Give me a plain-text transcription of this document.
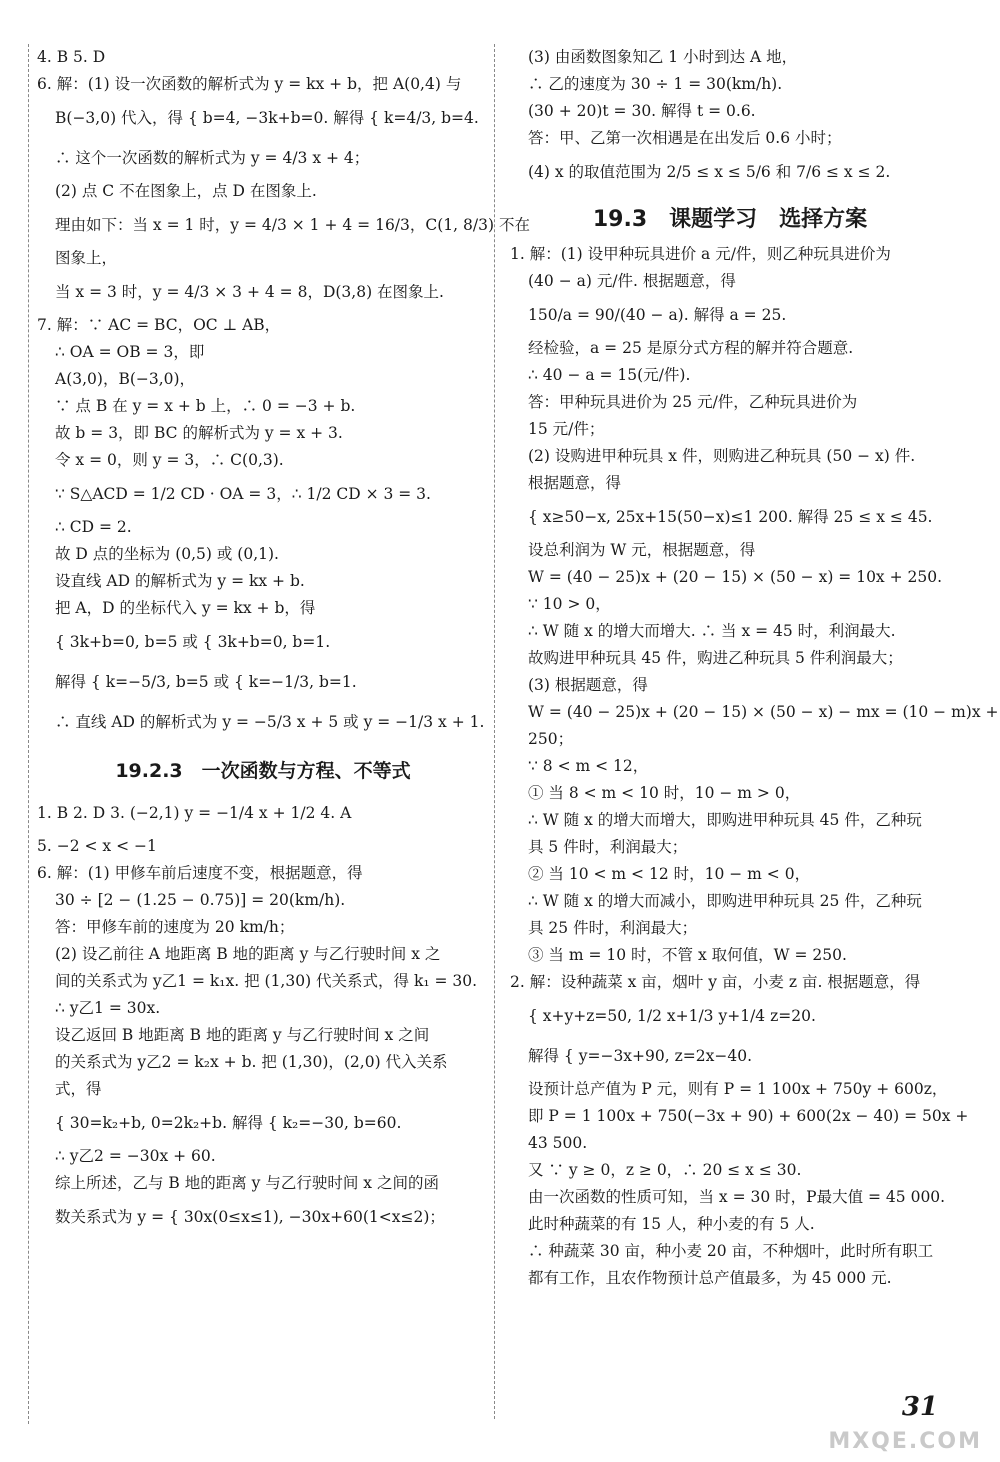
4. B 5. D
6. 解：(1) 设一次函数的解析式为 y = kx + b，把 A(0,4) 与
B(−3,0) 代入，得 { b=4, −3k+b=0. 解得 { k=4/3, b=4.
∴ 这个一次函数的解析式为 y = 4/3 x + 4；
(2) 点 C 不在图象上，点 D 在图象上.
理由如下：当 x = 1 时，y = 4/3 × 1 + 4 = 16/3，C(1, 8/3) 不在
图象上，
当 x = 3 时，y = 4/3 × 3 + 4 = 8，D(3,8) 在图象上.
7. 解：∵ AC = BC，OC ⊥ AB，
∴ OA = OB = 3，即
A(3,0)，B(−3,0)，
∵ 点 B 在 y = x + b 上，∴ 0 = −3 + b.
故 b = 3，即 BC 的解析式为 y = x + 3.
令 x = 0，则 y = 3，∴ C(0,3).
∵ S△ACD = 1/2 CD · OA = 3，∴ 1/2 CD × 3 = 3.
∴ CD = 2.
故 D 点的坐标为 (0,5) 或 (0,1).
设直线 AD 的解析式为 y = kx + b.
把 A，D 的坐标代入 y = kx + b，得
{ 3k+b=0, b=5 或 { 3k+b=0, b=1.
解得 { k=−5/3, b=5 或 { k=−1/3, b=1.
∴ 直线 AD 的解析式为 y = −5/3 x + 5 或 y = −1/3 x + 1.
19.2.3　一次函数与方程、不等式
1. B 2. D 3. (−2,1) y = −1/4 x + 1/2 4. A
5. −2 < x < −1
6. 解：(1) 甲修车前后速度不变，根据题意，得
30 ÷ [2 − (1.25 − 0.75)] = 20(km/h).
答：甲修车前的速度为 20 km/h；
(2) 设乙前往 A 地距离 B 地的距离 y 与乙行驶时间 x 之
间的关系式为 y乙1 = k₁x. 把 (1,30) 代关系式，得 k₁ = 30.
∴ y乙1 = 30x.
设乙返回 B 地距离 B 地的距离 y 与乙行驶时间 x 之间
的关系式为 y乙2 = k₂x + b. 把 (1,30)，(2,0) 代入关系
式，得
{ 30=k₂+b, 0=2k₂+b. 解得 { k₂=−30, b=60.
∴ y乙2 = −30x + 60.
综上所述，乙与 B 地的距离 y 与乙行驶时间 x 之间的函
数关系式为 y = { 30x(0≤x≤1), −30x+60(1<x≤2)；
(3) 由函数图象知乙 1 小时到达 A 地，
∴ 乙的速度为 30 ÷ 1 = 30(km/h).
(30 + 20)t = 30. 解得 t = 0.6.
答：甲、乙第一次相遇是在出发后 0.6 小时；
(4) x 的取值范围为 2/5 ≤ x ≤ 5/6 和 7/6 ≤ x ≤ 2.
19.3　课题学习　选择方案
1. 解：(1) 设甲种玩具进价 a 元/件，则乙种玩具进价为
(40 − a) 元/件. 根据题意，得
150/a = 90/(40 − a). 解得 a = 25.
经检验，a = 25 是原分式方程的解并符合题意.
∴ 40 − a = 15(元/件).
答：甲种玩具进价为 25 元/件，乙种玩具进价为
15 元/件；
(2) 设购进甲种玩具 x 件，则购进乙种玩具 (50 − x) 件.
根据题意，得
{ x≥50−x, 25x+15(50−x)≤1 200. 解得 25 ≤ x ≤ 45.
设总利润为 W 元，根据题意，得
W = (40 − 25)x + (20 − 15) × (50 − x) = 10x + 250.
∵ 10 > 0，
∴ W 随 x 的增大而增大. ∴ 当 x = 45 时，利润最大.
故购进甲种玩具 45 件，购进乙种玩具 5 件利润最大；
(3) 根据题意，得
W = (40 − 25)x + (20 − 15) × (50 − x) − mx = (10 − m)x +
250；
∵ 8 < m < 12，
① 当 8 < m < 10 时，10 − m > 0，
∴ W 随 x 的增大而增大，即购进甲种玩具 45 件，乙种玩
具 5 件时，利润最大；
② 当 10 < m < 12 时，10 − m < 0，
∴ W 随 x 的增大而减小，即购进甲种玩具 25 件，乙种玩
具 25 件时，利润最大；
③ 当 m = 10 时，不管 x 取何值，W = 250.
2. 解：设种蔬菜 x 亩，烟叶 y 亩，小麦 z 亩. 根据题意，得
{ x+y+z=50, 1/2 x+1/3 y+1/4 z=20.
解得 { y=−3x+90, z=2x−40.
设预计总产值为 P 元，则有 P = 1 100x + 750y + 600z，
即 P = 1 100x + 750(−3x + 90) + 600(2x − 40) = 50x +
43 500.
又 ∵ y ≥ 0，z ≥ 0，∴ 20 ≤ x ≤ 30.
由一次函数的性质可知，当 x = 30 时，P最大值 = 45 000.
此时种蔬菜的有 15 人，种小麦的有 5 人.
∴ 种蔬菜 30 亩，种小麦 20 亩，不种烟叶，此时所有职工
都有工作，且农作物预计总产值最多，为 45 000 元.
31
MXQE.COM
